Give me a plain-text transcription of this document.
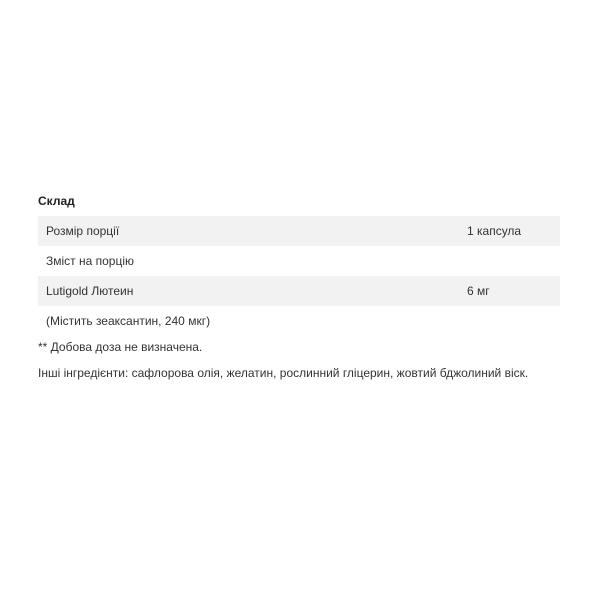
Склад
Розмір порції	1 капсула
Зміст на порцію	
Lutigold Лютеин	6 мг
(Містить зеаксантин, 240 мкг)	
** Добова доза не визначена.
Інші інгредієнти: сафлорова олія, желатин, рослинний гліцерин, жовтий бджолиний віск.
